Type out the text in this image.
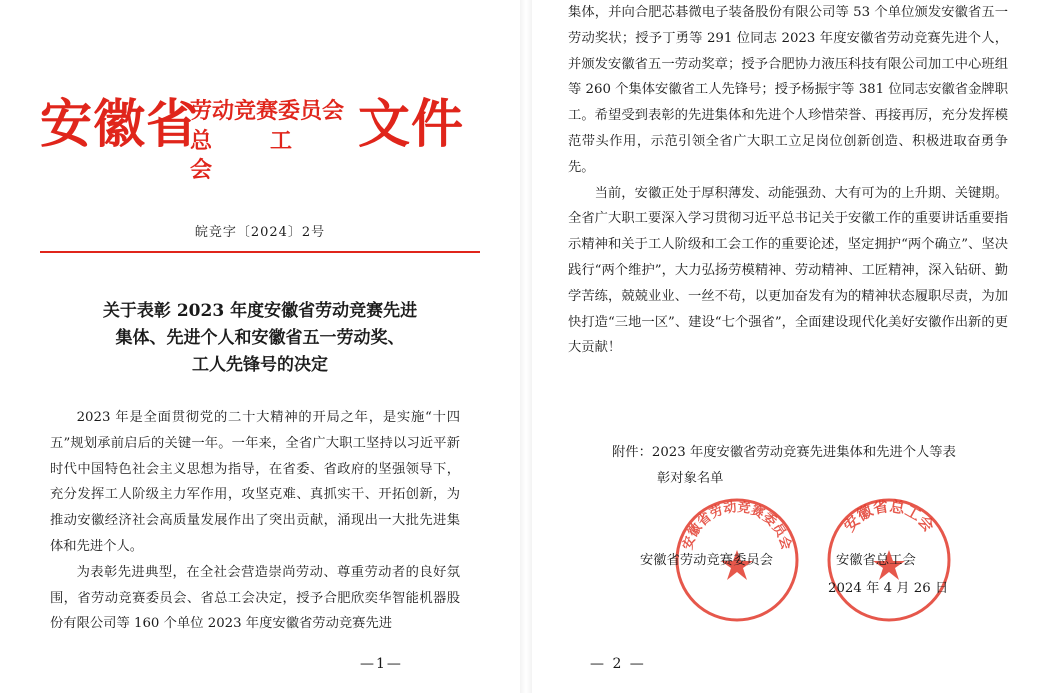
安徽省
劳动竞赛委员会
总　工　会
文件
皖竞字〔2024〕2号
关于表彰 2023 年度安徽省劳动竞赛先进
集体、先进个人和安徽省五一劳动奖、
工人先锋号的决定

2023 年是全面贯彻党的二十大精神的开局之年，是实施“十四五”规划承前启后的关键一年。一年来，全省广大职工坚持以习近平新时代中国特色社会主义思想为指导，在省委、省政府的坚强领导下，充分发挥工人阶级主力军作用，攻坚克难、真抓实干、开拓创新，为推动安徽经济社会高质量发展作出了突出贡献，涌现出一大批先进集体和先进个人。

为表彰先进典型，在全社会营造崇尚劳动、尊重劳动者的良好氛围，省劳动竞赛委员会、省总工会决定，授予合肥欣奕华智能机器股份有限公司等 160 个单位 2023 年度安徽省劳动竞赛先进

—1—

集体，并向合肥芯碁微电子装备股份有限公司等 53 个单位颁发安徽省五一劳动奖状；授予丁勇等 291 位同志 2023 年度安徽省劳动竞赛先进个人，并颁发安徽省五一劳动奖章；授予合肥协力液压科技有限公司加工中心班组等 260 个集体安徽省工人先锋号；授予杨振宇等 381 位同志安徽省金牌职工。希望受到表彰的先进集体和先进个人珍惜荣誉、再接再厉，充分发挥模范带头作用，示范引领全省广大职工立足岗位创新创造、积极进取奋勇争先。

当前，安徽正处于厚积薄发、动能强劲、大有可为的上升期、关键期。全省广大职工要深入学习贯彻习近平总书记关于安徽工作的重要讲话重要指示精神和关于工人阶级和工会工作的重要论述，坚定拥护“两个确立”、坚决践行“两个维护”，大力弘扬劳模精神、劳动精神、工匠精神，深入钻研、勤学苦练，兢兢业业、一丝不苟，以更加奋发有为的精神状态履职尽责，为加快打造“三地一区”、建设“七个强省”，全面建设现代化美好安徽作出新的更大贡献！

附件：2023 年度安徽省劳动竞赛先进集体和先进个人等表
彰对象名单
安徽省劳动竞赛委员会
安徽省总工会
安徽省劳动竞赛委员会	安徽省总工会
2024 年 4 月 26 日
— 2 —
